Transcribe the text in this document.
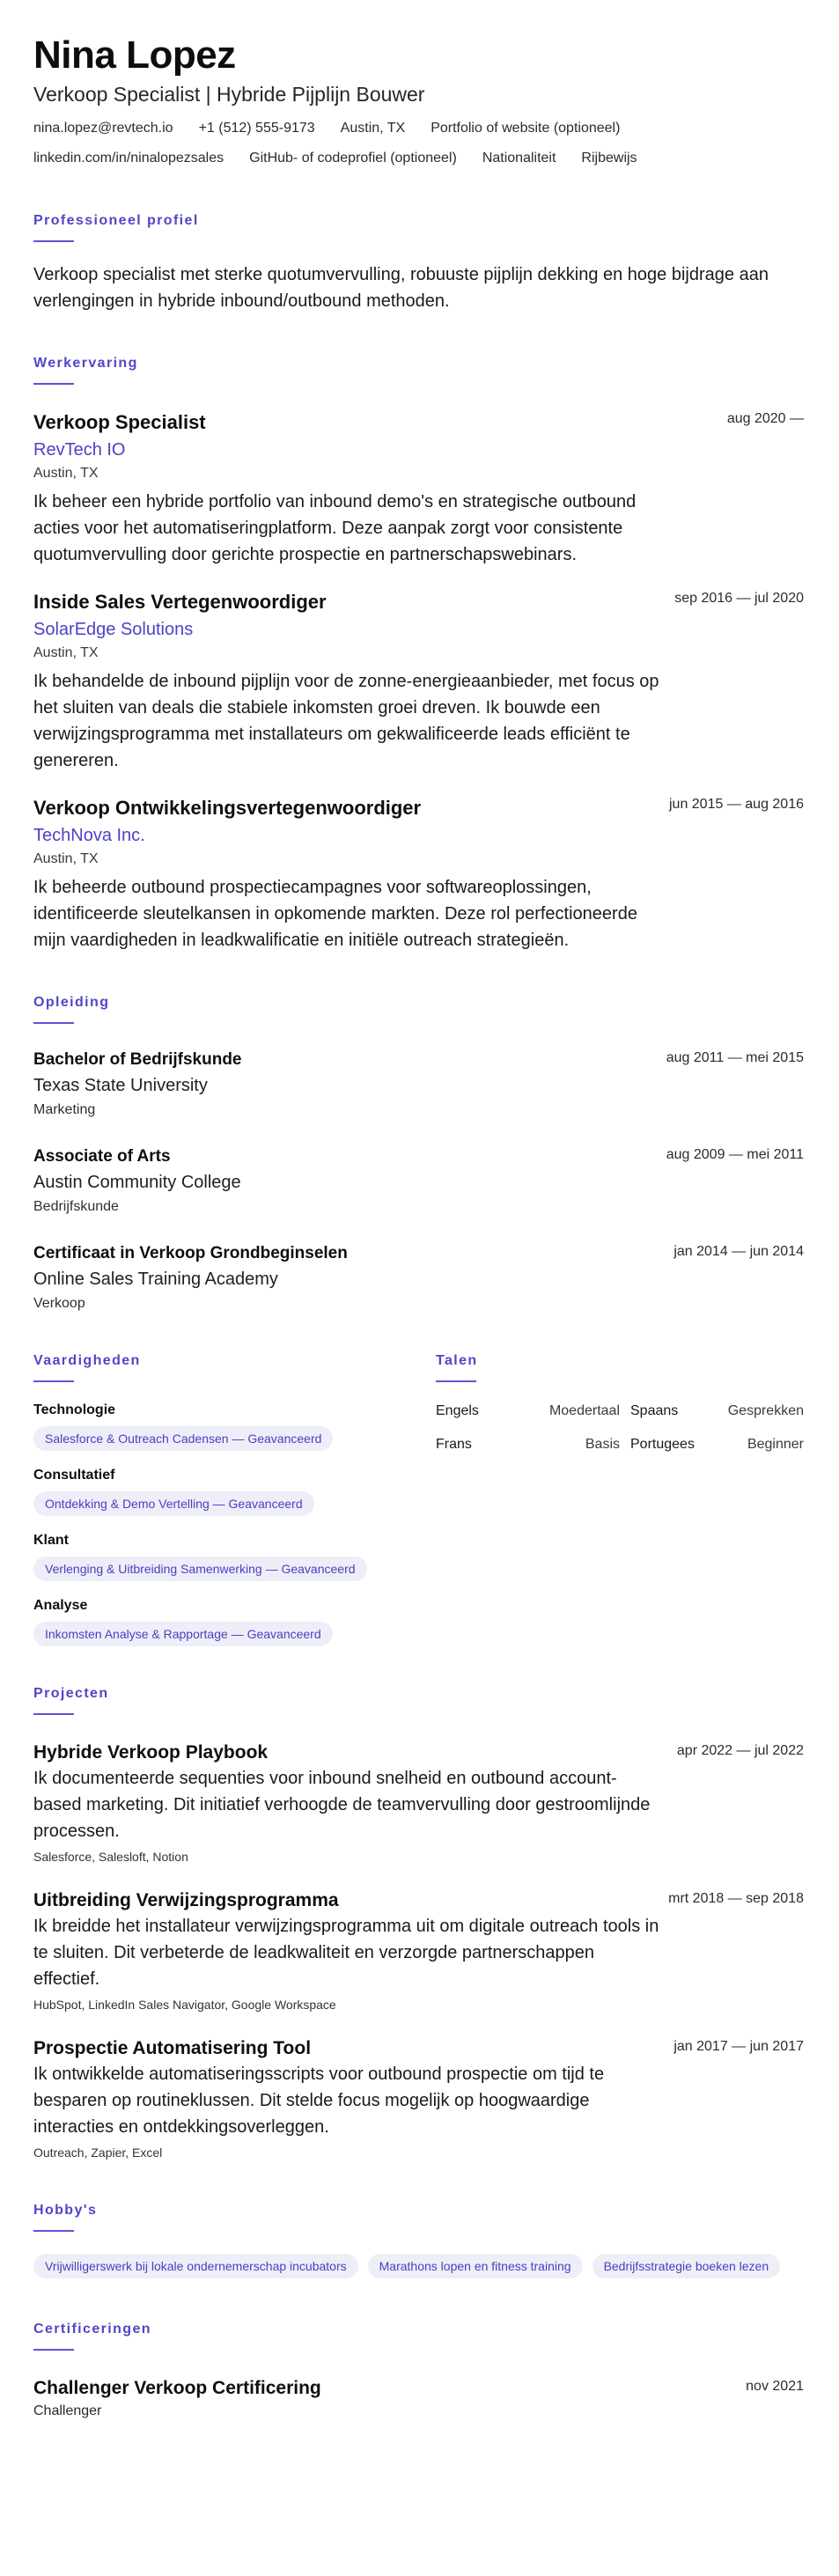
Nina Lopez
Verkoop Specialist | Hybride Pijplijn Bouwer
nina.lopez@revtech.io +1 (512) 555-9173 Austin, TX Portfolio of website (optioneel)
linkedin.com/in/ninalopezsales GitHub- of codeprofiel (optioneel) Nationaliteit Rijbewijs
Professioneel profiel
Verkoop specialist met sterke quotumvervulling, robuuste pijplijn dekking en hoge bijdrage aan verlengingen in hybride inbound/outbound methoden.
Werkervaring
aug 2020 —
Verkoop Specialist
RevTech IO
Austin, TX
Ik beheer een hybride portfolio van inbound demo's en strategische outbound acties voor het automatiseringplatform. Deze aanpak zorgt voor consistente quotumvervulling door gerichte prospectie en partnerschapswebinars.
sep 2016 — jul 2020
Inside Sales Vertegenwoordiger
SolarEdge Solutions
Austin, TX
Ik behandelde de inbound pijplijn voor de zonne-energieaanbieder, met focus op het sluiten van deals die stabiele inkomsten groei dreven. Ik bouwde een verwijzingsprogramma met installateurs om gekwalificeerde leads efficiënt te genereren.
jun 2015 — aug 2016
Verkoop Ontwikkelingsvertegenwoordiger
TechNova Inc.
Austin, TX
Ik beheerde outbound prospectiecampagnes voor softwareoplossingen, identificeerde sleutelkansen in opkomende markten. Deze rol perfectioneerde mijn vaardigheden in leadkwalificatie en initiële outreach strategieën.
Opleiding
aug 2011 — mei 2015
Bachelor of Bedrijfskunde
Texas State University
Marketing
aug 2009 — mei 2011
Associate of Arts
Austin Community College
Bedrijfskunde
jan 2014 — jun 2014
Certificaat in Verkoop Grondbeginselen
Online Sales Training Academy
Verkoop
Vaardigheden
Technologie
Salesforce & Outreach Cadensen — Geavanceerd
Consultatief
Ontdekking & Demo Vertelling — Geavanceerd
Klant
Verlenging & Uitbreiding Samenwerking — Geavanceerd
Analyse
Inkomsten Analyse & Rapportage — Geavanceerd
Talen
Engels	Moedertaal Spaans	Gesprekken
Frans	Basis Portugees	Beginner
Projecten
apr 2022 — jul 2022
Hybride Verkoop Playbook
Ik documenteerde sequenties voor inbound snelheid en outbound account-based marketing. Dit initiatief verhoogde de teamvervulling door gestroomlijnde processen.
Salesforce, Salesloft, Notion
mrt 2018 — sep 2018
Uitbreiding Verwijzingsprogramma
Ik breidde het installateur verwijzingsprogramma uit om digitale outreach tools in te sluiten. Dit verbeterde de leadkwaliteit en verzorgde partnerschappen effectief.
HubSpot, LinkedIn Sales Navigator, Google Workspace
jan 2017 — jun 2017
Prospectie Automatisering Tool
Ik ontwikkelde automatiseringsscripts voor outbound prospectie om tijd te besparen op routineklussen. Dit stelde focus mogelijk op hoogwaardige interacties en ontdekkingsoverleggen.
Outreach, Zapier, Excel
Hobby's
Vrijwilligerswerk bij lokale ondernemerschap incubators	Marathons lopen en fitness training	Bedrijfsstrategie boeken lezen
Certificeringen
nov 2021
Challenger Verkoop Certificering
Challenger
